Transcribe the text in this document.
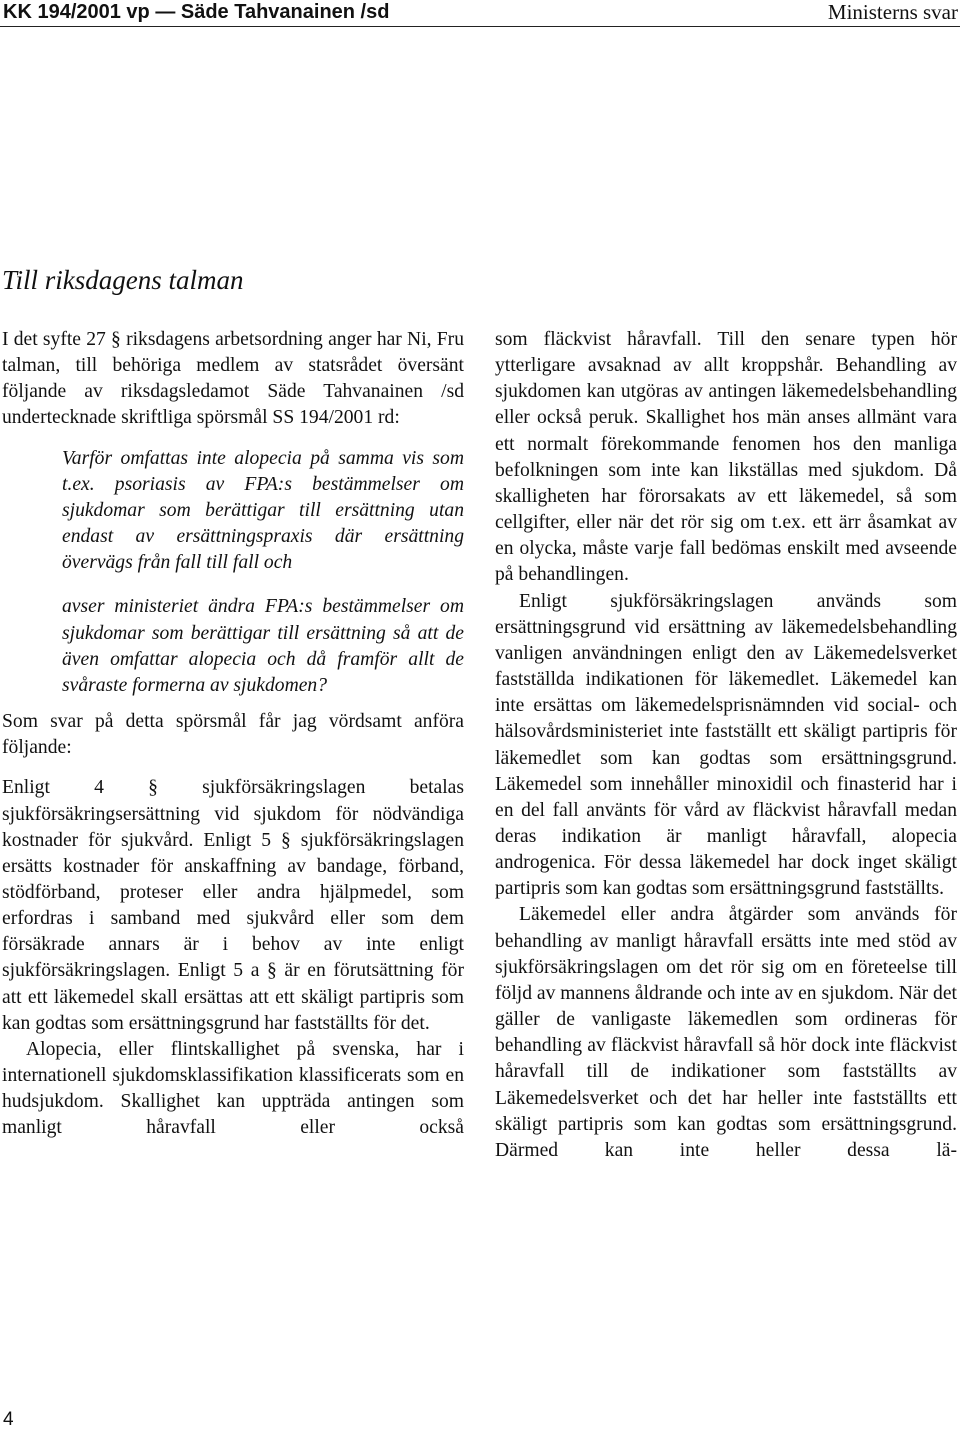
KK 194/2001 vp — Säde Tahvanainen /sd	Ministerns svar
Till riksdagens talman

I det syfte 27 § riksdagens arbetsordning anger har Ni, Fru talman, till behöriga medlem av statsrådet översänt följande av riksdagsledamot Säde Tahvanainen /sd undertecknade skriftliga spörsmål SS 194/2001 rd:

Varför omfattas inte alopecia på samma vis som t.ex. psoriasis av FPA:s bestämmelser om sjukdomar som berättigar till ersättning utan endast av ersättningspraxis där ersättning övervägs från fall till fall och

avser ministeriet ändra FPA:s bestämmelser om sjukdomar som berättigar till ersättning så att de även omfattar alopecia och då framför allt de svåraste formerna av sjukdomen?

Som svar på detta spörsmål får jag vördsamt anföra följande:

Enligt 4 § sjukförsäkringslagen betalas sjukförsäkringsersättning vid sjukdom för nödvändiga kostnader för sjukvård. Enligt 5 § sjukförsäkringslagen ersätts kostnader för anskaffning av bandage, förband, stödförband, proteser eller andra hjälpmedel, som erfordras i samband med sjukvård eller som dem försäkrade annars är i behov av inte enligt sjukförsäkringslagen. Enligt 5 a § är en förutsättning för att ett läkemedel skall ersättas att ett skäligt partipris som kan godtas som ersättningsgrund har fastställts för det.

Alopecia, eller flintskallighet på svenska, har i internationell sjukdomsklassifikation klassificerats som en hudsjukdom. Skallighet kan uppträda antingen som manligt håravfall eller också

som fläckvist håravfall. Till den senare typen hör ytterligare avsaknad av allt kroppshår. Behandling av sjukdomen kan utgöras av antingen läkemedelsbehandling eller också peruk. Skallighet hos män anses allmänt vara ett normalt förekommande fenomen hos den manliga befolkningen som inte kan likställas med sjukdom. Då skalligheten har förorsakats av ett läkemedel, så som cellgifter, eller när det rör sig om t.ex. ett ärr åsamkat av en olycka, måste varje fall bedömas enskilt med avseende på behandlingen.

Enligt sjukförsäkringslagen används som ersättningsgrund vid ersättning av läkemedelsbehandling vanligen användningen enligt den av Läkemedelsverket fastställda indikationen för läkemedlet. Läkemedel kan inte ersättas om läkemedelsprisnämnden vid social- och hälsovårdsministeriet inte fastställt ett skäligt partipris för läkemedlet som kan godtas som ersättningsgrund. Läkemedel som innehåller minoxidil och finasterid har i en del fall använts för vård av fläckvist håravfall medan deras indikation är manligt håravfall, alopecia androgenica. För dessa läkemedel har dock inget skäligt partipris som kan godtas som ersättningsgrund fastställts.

Läkemedel eller andra åtgärder som används för behandling av manligt håravfall ersätts inte med stöd av sjukförsäkringslagen om det rör sig om en företeelse till följd av mannens åldrande och inte av en sjukdom. När det gäller de vanligaste läkemedlen som ordineras för behandling av fläckvist håravfall så hör dock inte fläckvist håravfall till de indikationer som fastställts av Läkemedelsverket och det har heller inte fastställts ett skäligt partipris som kan godtas som ersättningsgrund. Därmed kan inte heller dessa lä-

4
